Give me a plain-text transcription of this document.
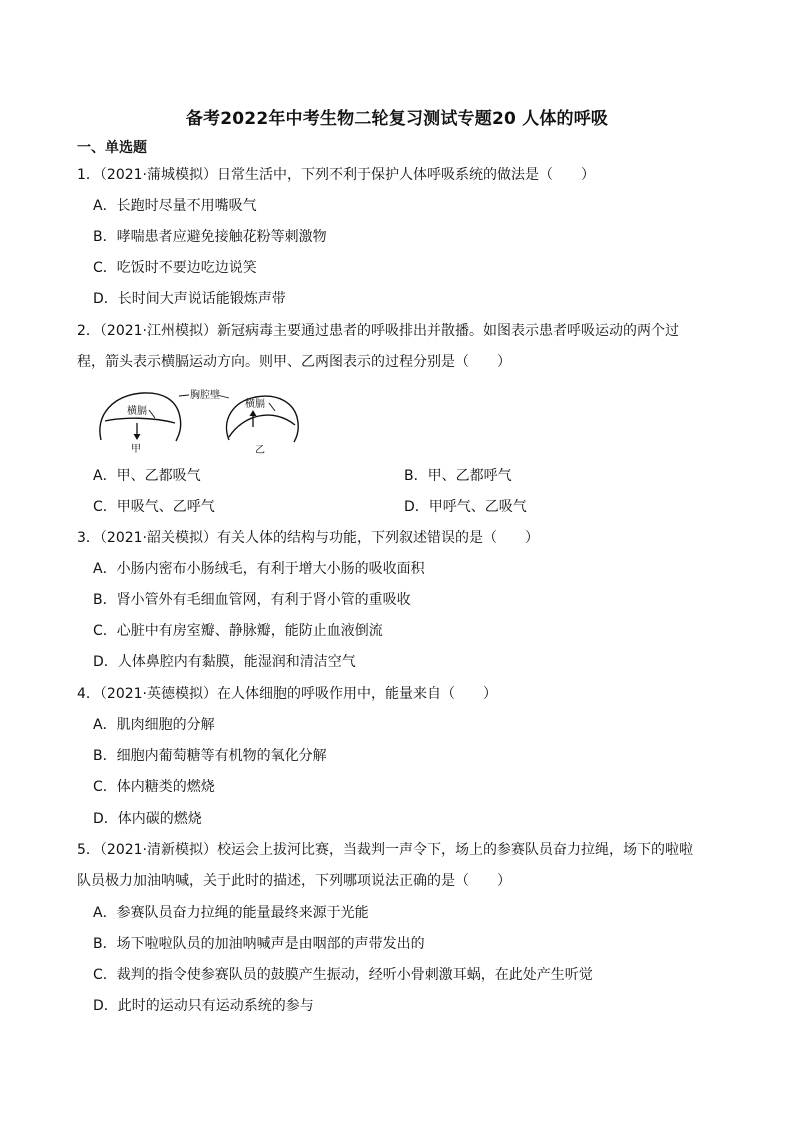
备考2022年中考生物二轮复习测试专题20 人体的呼吸
一、单选题
1．（2021·蒲城模拟）日常生活中，下列不利于保护人体呼吸系统的做法是（　　）
A．长跑时尽量不用嘴吸气
B．哮喘患者应避免接触花粉等刺激物
C．吃饭时不要边吃边说笑
D．长时间大声说话能锻炼声带
2．（2021·江州模拟）新冠病毒主要通过患者的呼吸排出并散播。如图表示患者呼吸运动的两个过
程，箭头表示横膈运动方向。则甲、乙两图表示的过程分别是（　　）
胸腔壁
横膈
横膈
甲	乙
A．甲、乙都吸气	B．甲、乙都呼气
C．甲吸气、乙呼气	D．甲呼气、乙吸气
3．（2021·韶关模拟）有关人体的结构与功能，下列叙述错误的是（　　）
A．小肠内密布小肠绒毛，有利于增大小肠的吸收面积
B．肾小管外有毛细血管网，有利于肾小管的重吸收
C．心脏中有房室瓣、静脉瓣，能防止血液倒流
D．人体鼻腔内有黏膜，能湿润和清洁空气
4．（2021·英德模拟）在人体细胞的呼吸作用中，能量来自（　　）
A．肌肉细胞的分解
B．细胞内葡萄糖等有机物的氧化分解
C．体内糖类的燃烧
D．体内碳的燃烧
5．（2021·清新模拟）校运会上拔河比赛，当裁判一声令下，场上的参赛队员奋力拉绳，场下的啦啦
队员极力加油呐喊，关于此时的描述，下列哪项说法正确的是（　　）
A．参赛队员奋力拉绳的能量最终来源于光能
B．场下啦啦队员的加油呐喊声是由咽部的声带发出的
C．裁判的指令使参赛队员的鼓膜产生振动，经听小骨刺激耳蜗，在此处产生听觉
D．此时的运动只有运动系统的参与
